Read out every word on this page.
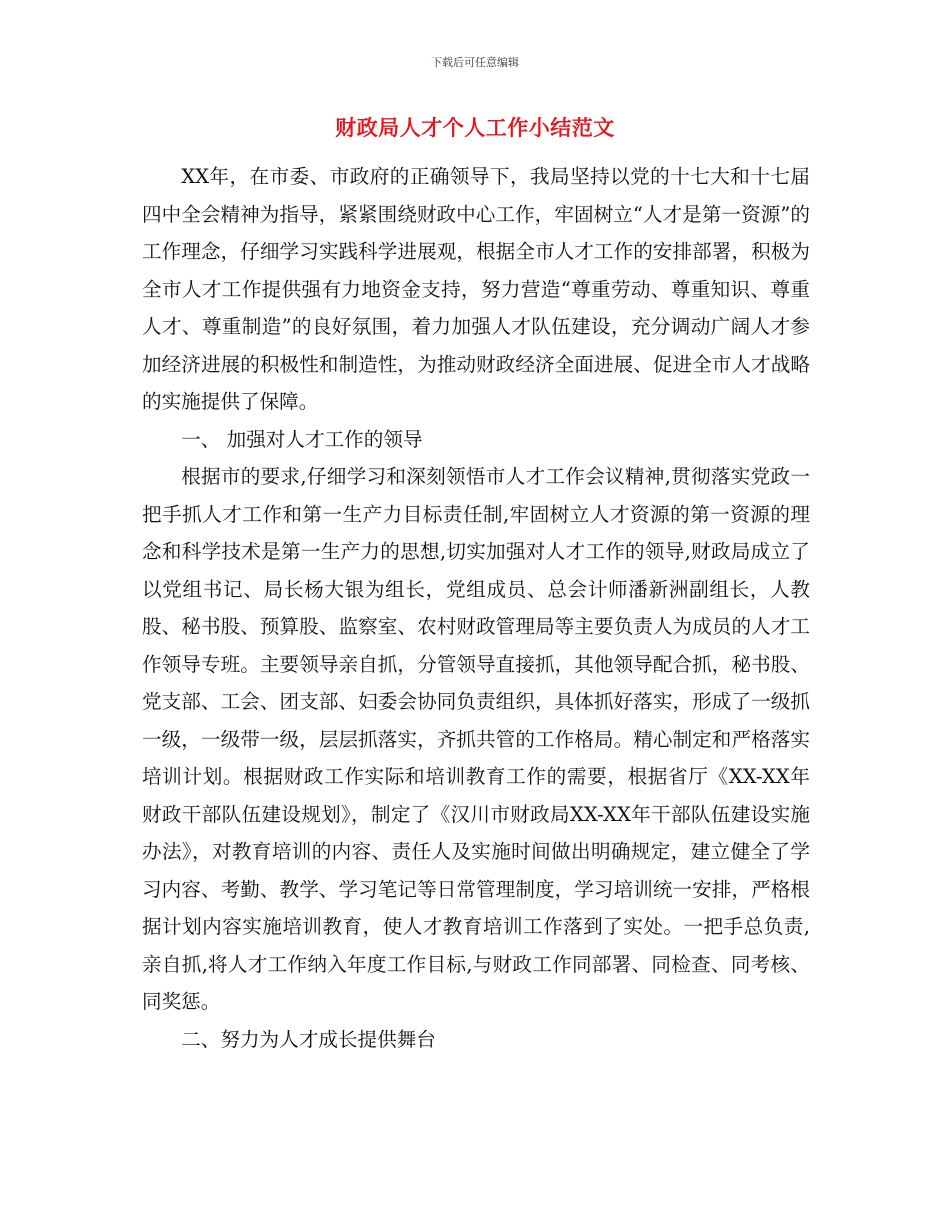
下载后可任意编辑
财政局人才个人工作小结范文

XX年，在市委、市政府的正确领导下，我局坚持以党的十七大和十七届四中全会精神为指导，紧紧围绕财政中心工作，牢固树立“人才是第一资源”的工作理念，仔细学习实践科学进展观，根据全市人才工作的安排部署，积极为全市人才工作提供强有力地资金支持，努力营造“尊重劳动、尊重知识、尊重人才、尊重制造”的良好氛围，着力加强人才队伍建设，充分调动广阔人才参加经济进展的积极性和制造性，为推动财政经济全面进展、促进全市人才战略的实施提供了保障。

一、 加强对人才工作的领导

根据市的要求,仔细学习和深刻领悟市人才工作会议精神,贯彻落实党政一把手抓人才工作和第一生产力目标责任制,牢固树立人才资源的第一资源的理念和科学技术是第一生产力的思想,切实加强对人才工作的领导,财政局成立了以党组书记、局长杨大银为组长，党组成员、总会计师潘新洲副组长，人教股、秘书股、预算股、监察室、农村财政管理局等主要负责人为成员的人才工作领导专班。主要领导亲自抓，分管领导直接抓，其他领导配合抓，秘书股、党支部、工会、团支部、妇委会协同负责组织，具体抓好落实，形成了一级抓一级，一级带一级，层层抓落实，齐抓共管的工作格局。精心制定和严格落实培训计划。根据财政工作实际和培训教育工作的需要，根据省厅《XX-XX年财政干部队伍建设规划》，制定了《汉川市财政局XX-XX年干部队伍建设实施办法》，对教育培训的内容、责任人及实施时间做出明确规定，建立健全了学习内容、考勤、教学、学习笔记等日常管理制度，学习培训统一安排，严格根据计划内容实施培训教育，使人才教育培训工作落到了实处。一把手总负责,亲自抓,将人才工作纳入年度工作目标,与财政工作同部署、同检查、同考核、同奖惩。

二、努力为人才成长提供舞台
